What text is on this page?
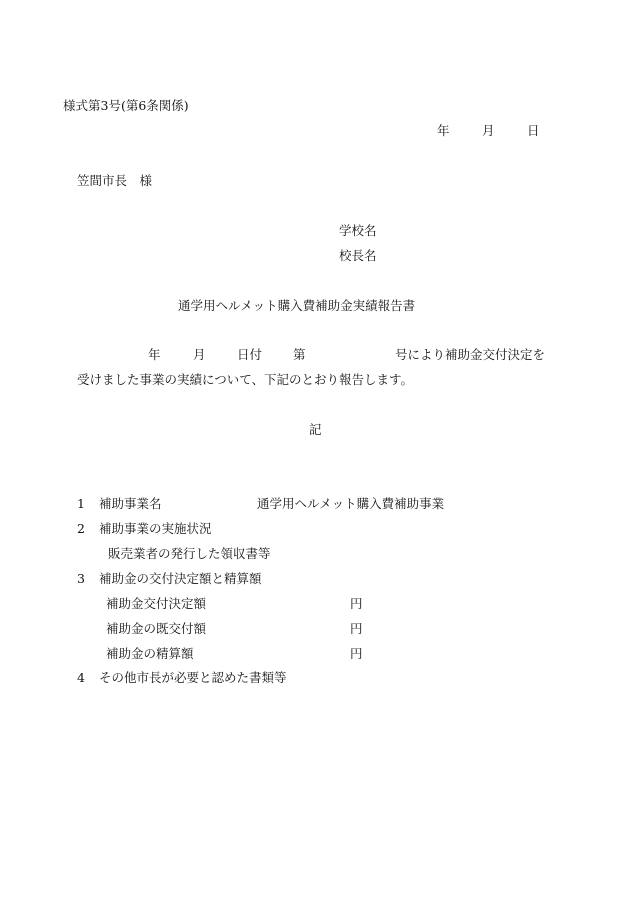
様式第3号(第6条関係)
年	月	日
笠間市長　様
学校名
校長名
通学用ヘルメット購入費補助金実績報告書
年	月	日付 第	号により補助金交付決定を
受けました事業の実績について、下記のとおり報告します。
記
1 補助事業名	通学用ヘルメット購入費補助事業
2 補助事業の実施状況
販売業者の発行した領収書等
3 補助金の交付決定額と精算額
補助金交付決定額	円
補助金の既交付額	円
補助金の精算額	円
4 その他市長が必要と認めた書類等
